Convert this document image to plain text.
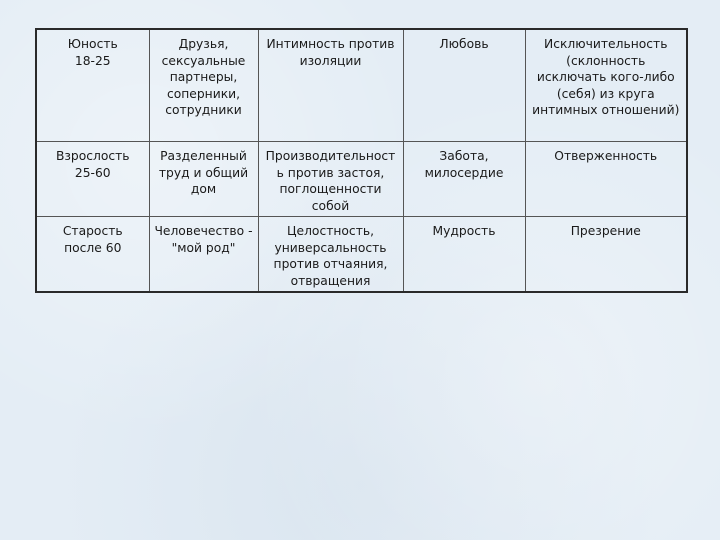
Юность
18-25	Друзья, сексуальные партнеры, соперники, сотрудники	Интимность против изоляции	Любовь	Исключительность (склонность исключать кого-либо (себя) из круга интимных отношений)

Взрослость
25-60	Разделенный труд и общий дом	Производительност ь против застоя, поглощенности собой	Забота, милосердие	Отверженность

Старость
после 60	Человечество - "мой род"	Целостность, универсальность против отчаяния, отвращения	Мудрость	Презрение
